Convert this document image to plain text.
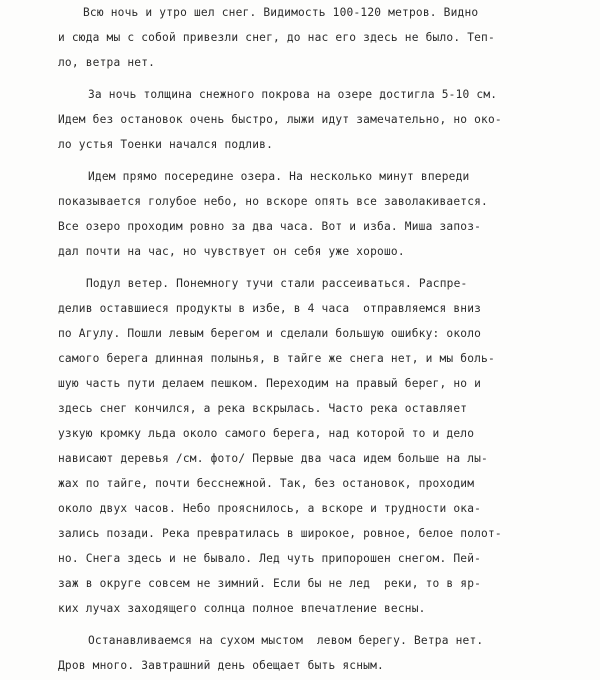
Всю ночь и утро шел снег. Видимость 100-120 метров. Видно
и сюда мы с собой привезли снег, до нас его здесь не было. Теп-
ло, ветра нет.
За ночь толщина снежного покрова на озере достигла 5-10 см.
Идем без остановок очень быстро, лыжи идут замечательно, но око-
ло устья Тоенки начался подлив.
Идем прямо посередине озера. На несколько минут впереди
показывается голубое небо, но вскоре опять все заволакивается.
Все озеро проходим ровно за два часа. Вот и изба. Миша запоз-
дал почти на час, но чувствует он себя уже хорошо.
Подул ветер. Понемногу тучи стали рассеиваться. Распре-
делив оставшиеся продукты в избе, в 4 часа  отправляемся вниз
по Агулу. Пошли левым берегом и сделали большую ошибку: около
самого берега длинная полынья, в тайге же снега нет, и мы боль-
шую часть пути делаем пешком. Переходим на правый берег, но и
здесь снег кончился, а река вскрылась. Часто река оставляет
узкую кромку льда около самого берега, над которой то и дело
нависают деревья /см. фото/ Первые два часа идем больше на лы-
жах по тайге, почти бесснежной. Так, без остановок, проходим
около двух часов. Небо прояснилось, а вскоре и трудности ока-
зались позади. Река превратилась в широкое, ровное, белое полот-
но. Снега здесь и не бывало. Лед чуть припорошен снегом. Пей-
заж в округе совсем не зимний. Если бы не лед  реки, то в яр-
ких лучах заходящего солнца полное впечатление весны.
Останавливаемся на сухом мыстом  левом берегу. Ветра нет.
Дров много. Завтрашний день обещает быть ясным.
